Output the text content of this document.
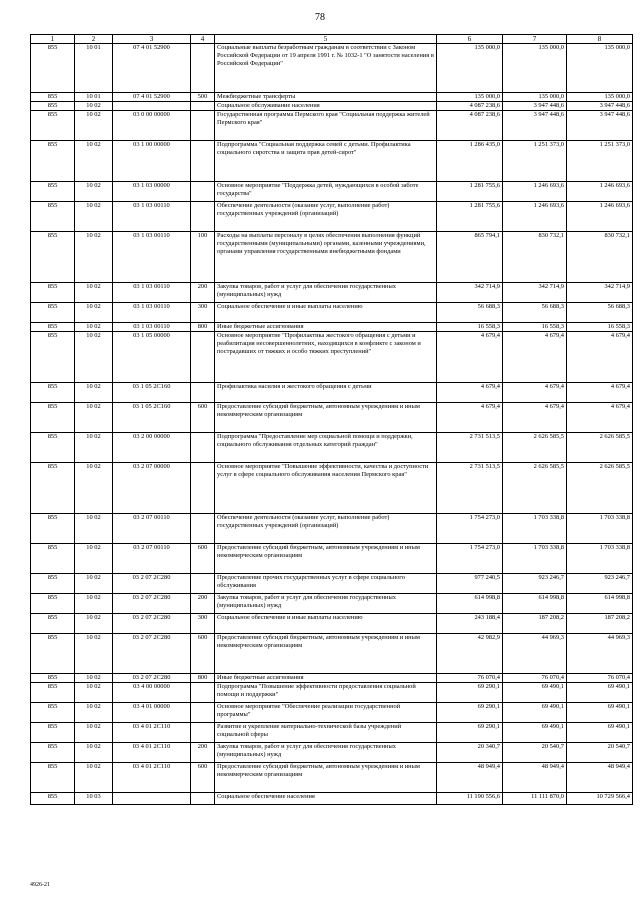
78
1	2	3	4	5	6	7	8
855	10 01	07 4 01 52900		Социальные выплаты безработным гражданам в соответствии с Законом Российской Федерации от 19 апреля 1991 г. № 1032-1 "О занятости населения в Российской Федерации"	135 000,0	135 000,0	135 000,0
855	10 01	07 4 01 52900	500	Межбюджетные трансферты	135 000,0	135 000,0	135 000,0
855	10 02			Социальное обслуживание населения	4 087 238,6	3 947 448,6	3 947 448,6
855	10 02	03 0 00 00000		Государственная программа Пермского края "Социальная поддержка жителей Пермского края"	4 087 238,6	3 947 448,6	3 947 448,6
855	10 02	03 1 00 00000		Подпрограмма "Социальная поддержка семей с детьми. Профилактика социального сиротства и защита прав детей-сирот"	1 286 435,0	1 251 373,0	1 251 373,0
855	10 02	03 1 03 00000		Основное мероприятие "Поддержка детей, нуждающихся в особой заботе государства"	1 281 755,6	1 246 693,6	1 246 693,6
855	10 02	03 1 03 00110		Обеспечение деятельности (оказание услуг, выполнение работ) государственных учреждений (организаций)	1 281 755,6	1 246 693,6	1 246 693,6
855	10 02	03 1 03 00110	100	Расходы на выплаты персоналу в целях обеспечения выполнения функций государственными (муниципальными) органами, казенными учреждениями, органами управления государственными внебюджетными фондами	865 794,1	830 732,1	830 732,1
855	10 02	03 1 03 00110	200	Закупка товаров, работ и услуг для обеспечения государственных (муниципальных) нужд	342 714,9	342 714,9	342 714,9
855	10 02	03 1 03 00110	300	Социальное обеспечение и иные выплаты населению	56 688,3	56 688,3	56 688,3
855	10 02	03 1 03 00110	800	Иные бюджетные ассигнования	16 558,3	16 558,3	16 558,3
855	10 02	03 1 05 00000		Основное мероприятие "Профилактика жестокого обращения с детьми и реабилитация несовершеннолетних, находящихся в конфликте с законом и пострадавших от тяжких и особо тяжких преступлений"	4 679,4	4 679,4	4 679,4
855	10 02	03 1 05 2С160		Профилактика насилия и жестокого обращения с детьми	4 679,4	4 679,4	4 679,4
855	10 02	03 1 05 2С160	600	Предоставление субсидий бюджетным, автономным учреждениям и иным некоммерческим организациям	4 679,4	4 679,4	4 679,4
855	10 02	03 2 00 00000		Подпрограмма "Предоставление мер социальной помощи и поддержки, социального обслуживания отдельных категорий граждан"	2 731 513,5	2 626 585,5	2 626 585,5
855	10 02	03 2 07 00000		Основное мероприятие "Повышение эффективности, качества и доступности услуг в сфере социального обслуживания населения Пермского края"	2 731 513,5	2 626 585,5	2 626 585,5
855	10 02	03 2 07 00110		Обеспечение деятельности (оказание услуг, выполнение работ) государственных учреждений (организаций)	1 754 273,0	1 703 338,8	1 703 338,8
855	10 02	03 2 07 00110	600	Предоставление субсидий бюджетным, автономным учреждениям и иным некоммерческим организациям	1 754 273,0	1 703 338,8	1 703 338,8
855	10 02	03 2 07 2С280		Предоставление прочих государственных услуг в сфере социального обслуживания	977 240,5	923 246,7	923 246,7
855	10 02	03 2 07 2С280	200	Закупка товаров, работ и услуг для обеспечения государственных (муниципальных) нужд	614 998,8	614 998,8	614 998,8
855	10 02	03 2 07 2С280	300	Социальное обеспечение и иные выплаты населению	243 188,4	187 208,2	187 208,2
855	10 02	03 2 07 2С280	600	Предоставление субсидий бюджетным, автономным учреждениям и иным некоммерческим организациям	42 982,9	44 969,3	44 969,3
855	10 02	03 2 07 2С280	800	Иные бюджетные ассигнования	76 070,4	76 070,4	76 070,4
855	10 02	03 4 00 00000		Подпрограмма "Повышение эффективности предоставления социальной помощи и поддержки"	69 290,1	69 490,1	69 490,1
855	10 02	03 4 01 00000		Основное мероприятие "Обеспечение реализации государственной программы"	69 290,1	69 490,1	69 490,1
855	10 02	03 4 01 2С110		Развитие и укрепление материально-технической базы учреждений социальной сферы	69 290,1	69 490,1	69 490,1
855	10 02	03 4 01 2С110	200	Закупка товаров, работ и услуг для обеспечения государственных (муниципальных) нужд	20 340,7	20 540,7	20 540,7
855	10 02	03 4 01 2С110	600	Предоставление субсидий бюджетным, автономным учреждениям и иным некоммерческим организациям	48 949,4	48 949,4	48 949,4
855	10 03			Социальное обеспечение населения	11 190 556,6	11 111 870,0	10 729 566,4
4926-21
